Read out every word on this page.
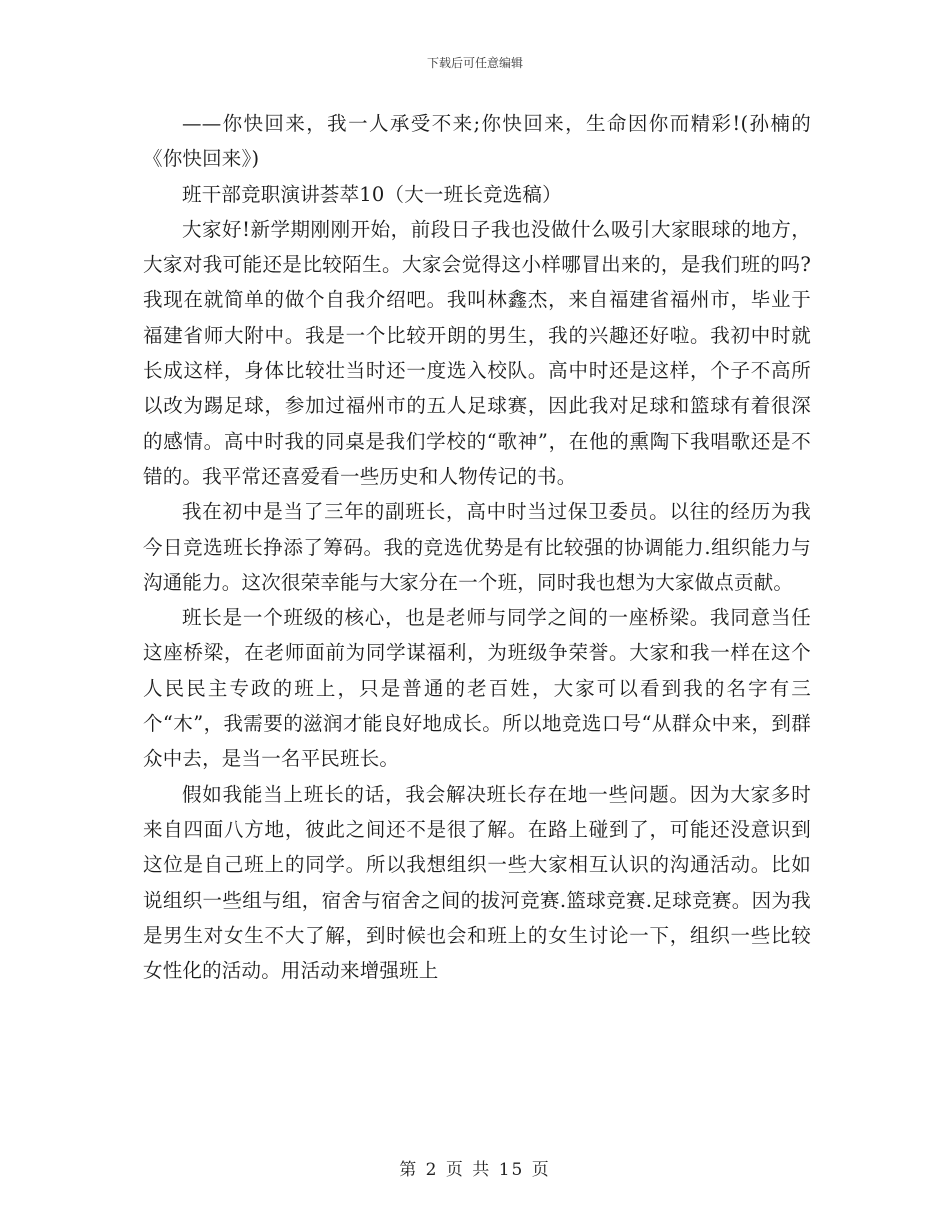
下载后可任意编辑

——你快回来，我一人承受不来;你快回来，生命因你而精彩!(孙楠的《你快回来》)

班干部竞职演讲荟萃10（大一班长竞选稿）

大家好!新学期刚刚开始，前段日子我也没做什么吸引大家眼球的地方，大家对我可能还是比较陌生。大家会觉得这小样哪冒出来的，是我们班的吗?我现在就简单的做个自我介绍吧。我叫林鑫杰，来自福建省福州市，毕业于福建省师大附中。我是一个比较开朗的男生，我的兴趣还好啦。我初中时就长成这样，身体比较壮当时还一度选入校队。高中时还是这样，个子不高所以改为踢足球，参加过福州市的五人足球赛，因此我对足球和篮球有着很深的感情。高中时我的同桌是我们学校的“歌神”，在他的熏陶下我唱歌还是不错的。我平常还喜爱看一些历史和人物传记的书。

我在初中是当了三年的副班长，高中时当过保卫委员。以往的经历为我今日竞选班长挣添了筹码。我的竞选优势是有比较强的协调能力.组织能力与沟通能力。这次很荣幸能与大家分在一个班，同时我也想为大家做点贡献。

班长是一个班级的核心，也是老师与同学之间的一座桥梁。我同意当任这座桥梁，在老师面前为同学谋福利，为班级争荣誉。大家和我一样在这个人民民主专政的班上，只是普通的老百姓，大家可以看到我的名字有三个“木”，我需要的滋润才能良好地成长。所以地竞选口号“从群众中来，到群众中去，是当一名平民班长。

假如我能当上班长的话，我会解决班长存在地一些问题。因为大家多时来自四面八方地，彼此之间还不是很了解。在路上碰到了，可能还没意识到这位是自己班上的同学。所以我想组织一些大家相互认识的沟通活动。比如说组织一些组与组，宿舍与宿舍之间的拔河竞赛.篮球竞赛.足球竞赛。因为我是男生对女生不大了解，到时候也会和班上的女生讨论一下，组织一些比较女性化的活动。用活动来增强班上

第 2 页 共 15 页
